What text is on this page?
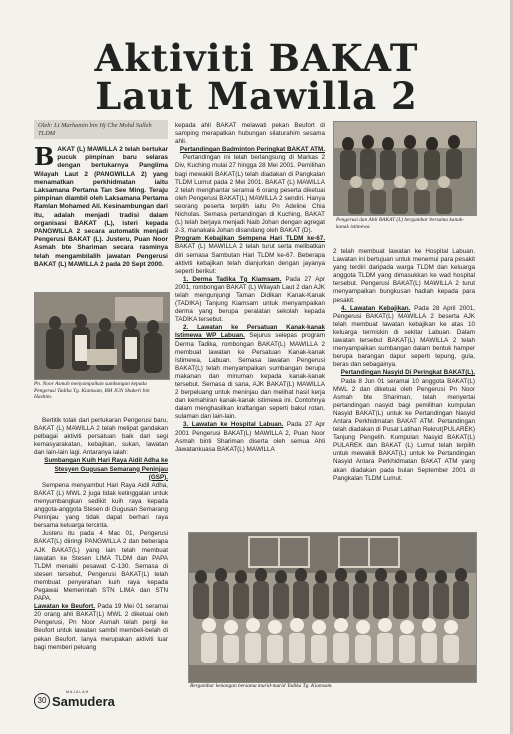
Aktiviti BAKAT
Laut Mawilla 2
Oleh: Lt Marhamin bin Hj Che Mohd Salleh TLDM
BAKAT (L) MAWILLA 2 telah bertukar pucuk pimpinan baru selaras dengan bertukarnya Panglima Wilayah Laut 2 (PANGWILLA 2) yang menamatkan perkhidmatan iaitu Laksamana Pertama Tan See Ming. Teraju pimpinan diambil oleh Laksamana Pertama Ramlan Mohamed Ali. Kesinambungan dari itu, adalah menjadi tradisi dalam organisasi BAKAT (L), isteri kepada PANGWILLA 2 secara automatik menjadi Pengerusi BAKAT (L). Justeru, Puan Noor Asmah bte Shariman secara rasminya telah mengambilalih jawatan Pengerusi BAKAT (L) MAWILLA 2 pada 20 Sept 2000.
Pn. Noor Asmah menyampaikan sumbangan kepada Pengerusi Tadika Tg. Kiamsam, BM JGN Shukeri bin Hashim.

Bertitik tolak dari pertukaran Pengerusi baru, BAKAT (L) MAWILLA 2 telah melipat gandakan pelbagai aktiviti persatuan baik dari segi kemasyarakatan, kebajikan, sukan, lawatan dan lain-lain lagi. Antaranya ialah:

Sumbangan Kuih Hari Raya Aidil Adha ke Stesyen Gugusan Semarang Peninjau (GSP).

Sempena menyambut Hari Raya Aidil Adha, BAKAT (L) MWL 2 juga tidak ketinggalan untuk menyumbangkan sedikit kuih raya kepada anggota-anggota Stesen di Gugusan Semarang Peninjau yang tidak dapat berhari raya bersama keluarga tercinta.

Justeru itu pada 4 Mac 01, Pengerusi BAKAT(L) diiringi PANGWILLA 2 dan beberapa AJK BAKAT(L) yang lain telah membuat lawatan ke Stesen LIMA TLDM dan PAPA TLDM menaiki pesawat C-130. Semasa di stesen tersebut, Pengerusi BAKAT(L) telah membuat penyerahan kuih raya kepada Pegawai Memerintah STN LIMA dan STN PAPA.

Lawatan ke Beufort. Pada 19 Mei 01 seramai 20 orang ahli BAKAT(L) MWL 2 diketuai oleh Pengerusi, Pn Noor Asmah telah pergi ke Beufort untuk lawatan sambil membeli-belah di pekan Beufort. Ianya merupakan aktiviti luar bagi memberi peluang

kepada ahli BAKAT melawati pekan Beufort di samping merapatkan hubungan silaturahim sesama ahli.

Pertandingan Badminton Peringkat BAKAT ATM.

Pertandingan ini telah berlangsung di Markas 2 Div, Kuching mulai 27 hingga 28 Mei 2001. Pemilihan bagi mewakili BAKAT(L) telah diadakan di Pangkalan TLDM Lumut pada 2 Mei 2001. BAKAT (L) MAWILLA 2 telah menghantar seramai 6 orang peserta diketuai oleh Pengerusi BAKAT(L) MAWILLA 2 sendiri. Hanya seorang peserta terpilih iaitu Pn Adeline Chia Nicholas. Semasa pertandingan di Kuching, BAKAT (L) telah berjaya menjadi Naib Johan dengan agregat 2-3, manakala Johan disandang oleh BAKAT (D).

Program Kebajikan Sempena Hari TLDM ke-67. BAKAT (L) MAWILLA 2 telah turut serta melibatkan diri semasa Sambutan Hari TLDM ke-67. Beberapa aktiviti kebajikan telah dianjurkan dengan jayanya seperti berikut:

1. Derma Tadika Tg Kiamsam. Pada 27 Apr 2001, rombongan BAKAT (L) Wilayah Laut 2 dan AJK telah mengunjungi Taman Didikan Kanak-Kanak (TADIKA) Tanjung Kiamsam untuk menyampaikan derma yang berupa peralatan sekolah kepada TADIKA tersebut.

2. Lawatan ke Persatuan Kanak-kanak Istimewa WP Labuan. Sejurus selepas program Derma Tadika, rombongan BAKAT(L) MAWILLA 2 membuat lawatan ke Persatuan Kanak-kanak Istimewa, Labuan. Semasa lawatan Pengerusi BAKAT(L) telah menyampaikan sumbangan berupa makanan dan minuman kepada kanak-kanak tersebut. Semasa di sana, AJK BAKAT(L) MAWILLA 2 berpeluang untuk meninjau dan melihat hasil kerja dan kemahiran kanak-kanak istimewa ini. Contohnya dalam menghasilkan kraftangan seperti bakul rotan, sulaman dan lain-lain.

3. Lawatan ke Hospital Labuan. Pada 27 Apr 2001 Pengerusi BAKAT(L) MAWILLA 2, Puan Noor Asmah binti Shariman diserta oleh semua Ahli Jawatankuasa BAKAT(L) MAWILLA

Pengerusi dan Ahli BAKAT (L) bergambar bersama kanak-kanak istimewa.

2 telah membuat lawatan ke Hospital Labuan. Lawatan ini bertujuan untuk menemui para pesakit yang terdiri daripada warga TLDM dan keluarga anggota TLDM yang dimasukkan ke wad hospital tersebut. Pengerusi BAKAT(L) MAWILLA 2 turut menyampaikan bungkusan hadiah kepada para pesakit.

4. Lawatan Kebajikan. Pada 28 April 2001, Pengerusi BAKAT(L) MAWILLA 2 beserta AJK telah membuat lawatan kebajikan ke atas 10 keluarga termiskin di sekitar Labuan. Dalam lawatan tersebut BAKAT(L) MAWILLA 2 telah menyampaikan sumbangan dalam bentuk hamper berupa barangan dapur seperti tepung, gula, beras dan sebagainya.

Pertandingan Nasyid Di Peringkat BAKAT(L).

Pada 8 Jun 01 seramai 10 anggota BAKAT(L) MWL 2 dan diketuai oleh Pengerusi Pn Noor Asmah bte Shariman, telah menyertai pertandingan nasyid bagi pemilihan kumpulan Nasyid BAKAT(L) untuk ke Pertandingan Nasyid Antara Perkhidmatan BAKAT ATM. Pertandingan telah diadakan di Pusat Latihan Rekrut(PULAREK) Tanjung Pengelih. Kumpulan Nasyid BAKAT(L) PULAREK dan BAKAT (L) Lumut telah terpilih untuk mewakili BAKAT(L) untuk ke Pertandingan Nasyid Antara Perkhidmatan BAKAT ATM yang akan diadakan pada bulan September 2001 di Pangkalan TLDM Lumut.

Bergambar kenangan bersama murid-murid Tadika Tg. Kiamsam.
30
MAJALAH
Samudera
